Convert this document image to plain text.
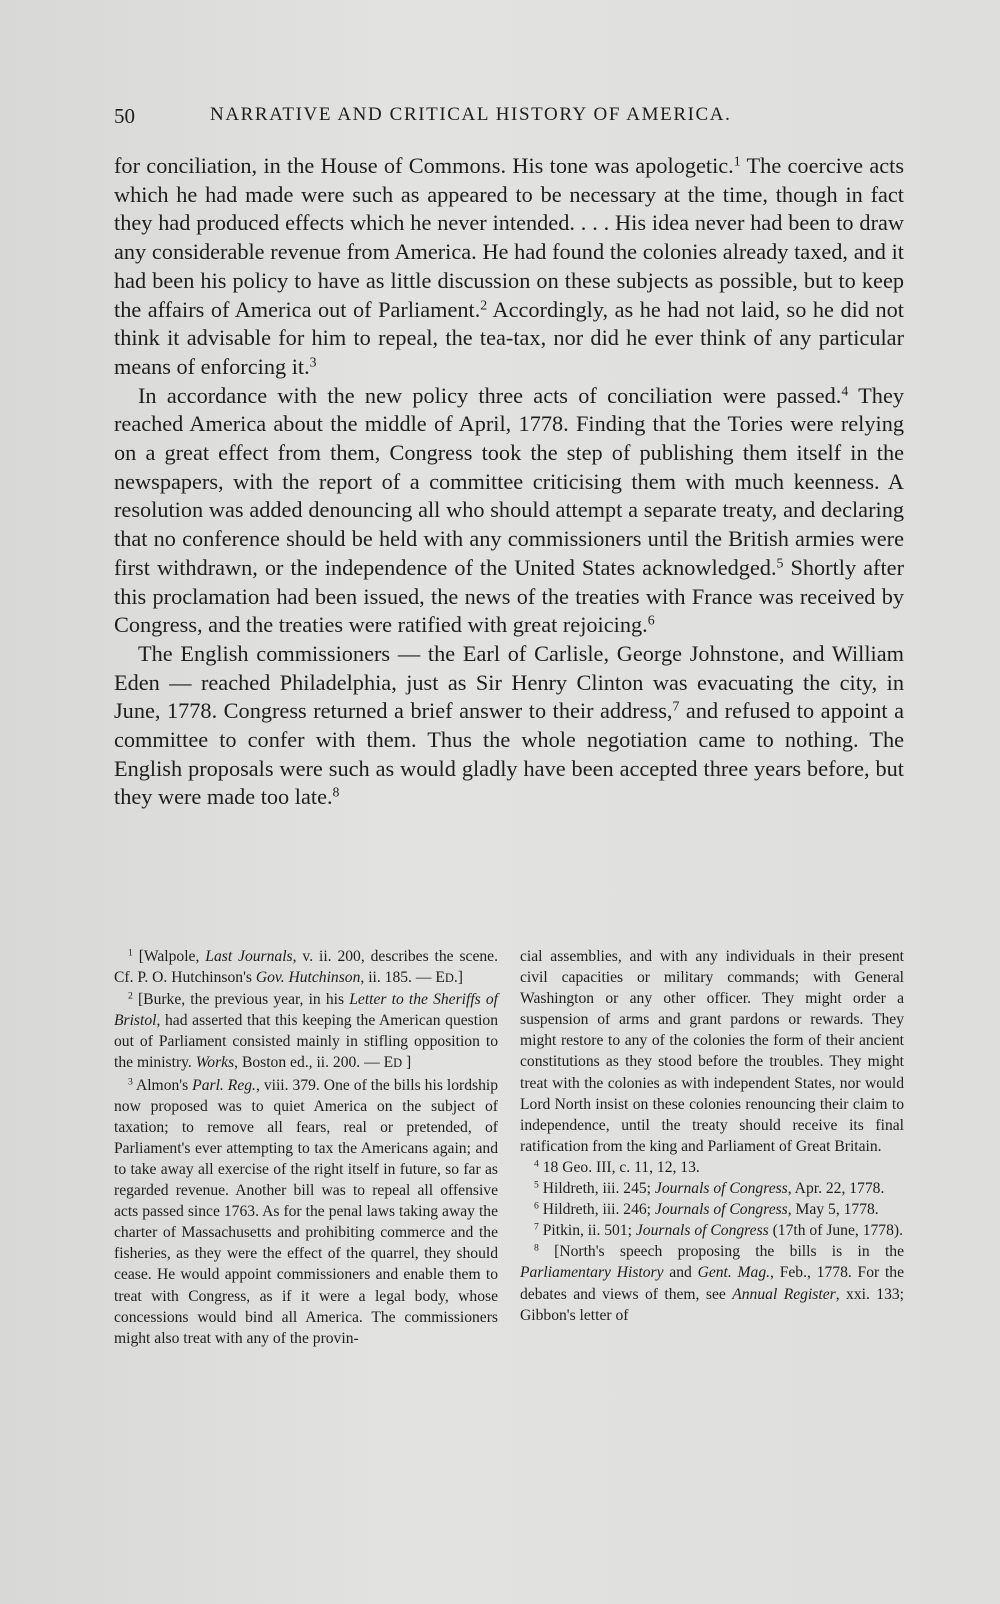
50	NARRATIVE AND CRITICAL HISTORY OF AMERICA.

for conciliation, in the House of Commons. His tone was apologetic.$^1$ The coercive acts which he had made were such as appeared to be necessary at the time, though in fact they had produced effects which he never intended. . . . His idea never had been to draw any considerable revenue from America. He had found the colonies already taxed, and it had been his policy to have as little discussion on these subjects as possible, but to keep the affairs of America out of Parliament.$^2$ Accordingly, as he had not laid, so he did not think it advisable for him to repeal, the tea-tax, nor did he ever think of any particular means of enforcing it.$^3$

In accordance with the new policy three acts of conciliation were passed.$^4$ They reached America about the middle of April, 1778. Finding that the Tories were relying on a great effect from them, Congress took the step of publishing them itself in the newspapers, with the report of a committee criticising them with much keenness. A resolution was added denouncing all who should attempt a separate treaty, and declaring that no conference should be held with any commissioners until the British armies were first withdrawn, or the independence of the United States acknowledged.$^5$ Shortly after this proclamation had been issued, the news of the treaties with France was received by Congress, and the treaties were ratified with great rejoicing.$^6$

The English commissioners — the Earl of Carlisle, George Johnstone, and William Eden — reached Philadelphia, just as Sir Henry Clinton was evacuating the city, in June, 1778. Congress returned a brief answer to their address,$^7$ and refused to appoint a committee to confer with them. Thus the whole negotiation came to nothing. The English proposals were such as would gladly have been accepted three years before, but they were made too late.$^8$

$^1$ [Walpole, Last Journals, v. ii. 200, describes the scene. Cf. P. O. Hutchinson's Gov. Hutchinson, ii. 185. — ED.]

$^2$ [Burke, the previous year, in his Letter to the Sheriffs of Bristol, had asserted that this keeping the American question out of Parliament consisted mainly in stifling opposition to the ministry. Works, Boston ed., ii. 200. — ED ]

$^3$ Almon's Parl. Reg., viii. 379. One of the bills his lordship now proposed was to quiet America on the subject of taxation; to remove all fears, real or pretended, of Parliament's ever attempting to tax the Americans again; and to take away all exercise of the right itself in future, so far as regarded revenue. Another bill was to repeal all offensive acts passed since 1763. As for the penal laws taking away the charter of Massachusetts and prohibiting commerce and the fisheries, as they were the effect of the quarrel, they should cease. He would appoint commissioners and enable them to treat with Congress, as if it were a legal body, whose concessions would bind all America. The commissioners might also treat with any of the provin-

cial assemblies, and with any individuals in their present civil capacities or military commands; with General Washington or any other officer. They might order a suspension of arms and grant pardons or rewards. They might restore to any of the colonies the form of their ancient constitutions as they stood before the troubles. They might treat with the colonies as with independent States, nor would Lord North insist on these colonies renouncing their claim to independence, until the treaty should receive its final ratification from the king and Parliament of Great Britain.

$^4$ 18 Geo. III, c. 11, 12, 13.

$^5$ Hildreth, iii. 245; Journals of Congress, Apr. 22, 1778.

$^6$ Hildreth, iii. 246; Journals of Congress, May 5, 1778.

$^7$ Pitkin, ii. 501; Journals of Congress (17th of June, 1778).

$^8$ [North's speech proposing the bills is in the Parliamentary History and Gent. Mag., Feb., 1778. For the debates and views of them, see Annual Register, xxi. 133; Gibbon's letter of
